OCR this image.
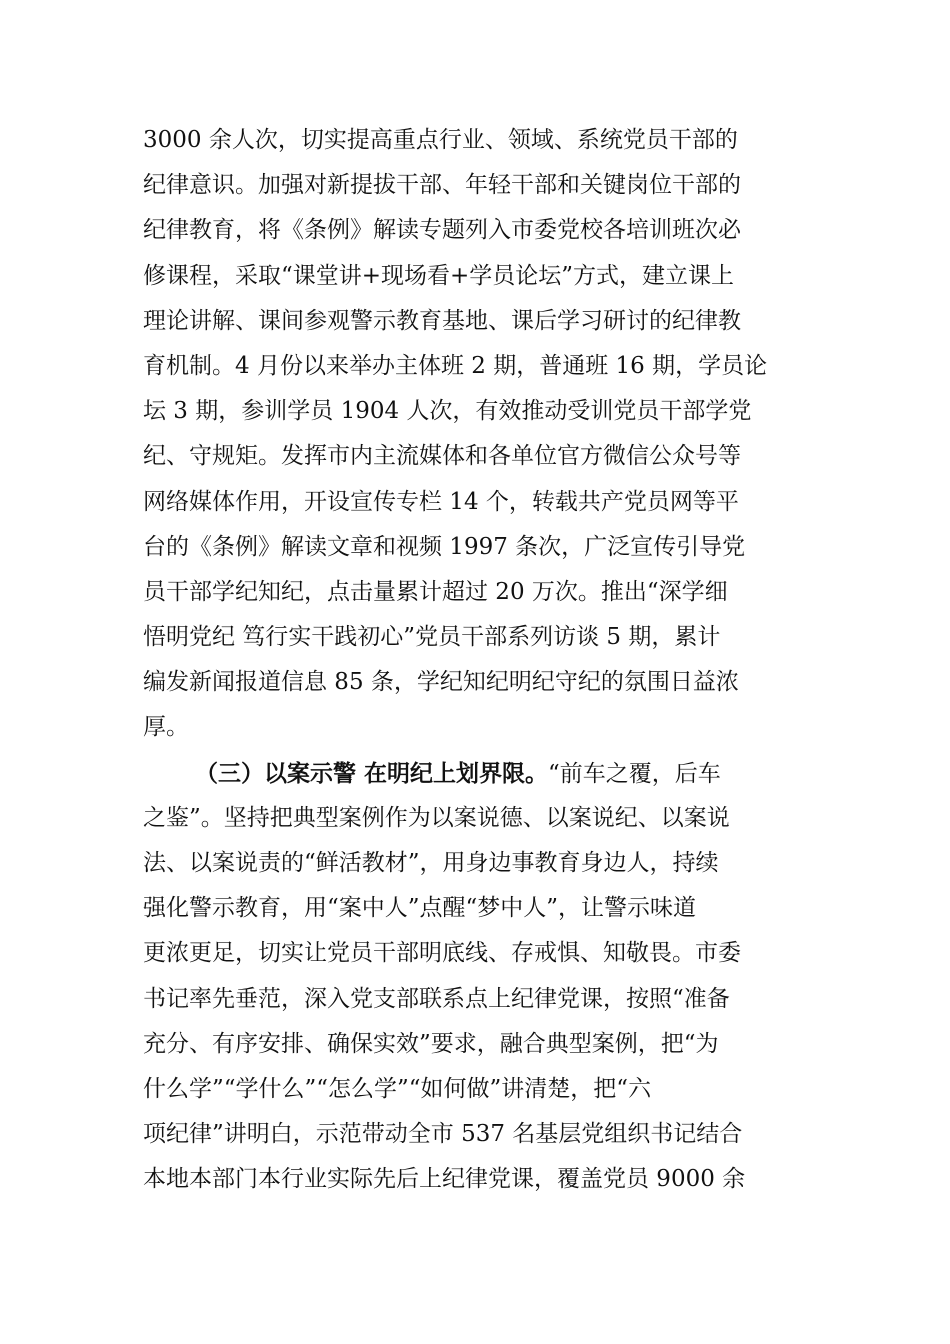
3000 余人次，切实提高重点行业、领域、系统党员干部的
纪律意识。加强对新提拔干部、年轻干部和关键岗位干部的
纪律教育，将《条例》解读专题列入市委党校各培训班次必
修课程，采取“课堂讲+现场看+学员论坛”方式，建立课上
理论讲解、课间参观警示教育基地、课后学习研讨的纪律教
育机制。4 月份以来举办主体班 2 期，普通班 16 期，学员论
坛 3 期，参训学员 1904 人次，有效推动受训党员干部学党
纪、守规矩。发挥市内主流媒体和各单位官方微信公众号等
网络媒体作用，开设宣传专栏 14 个，转载共产党员网等平
台的《条例》解读文章和视频 1997 条次，广泛宣传引导党
员干部学纪知纪，点击量累计超过 20 万次。推出“深学细
悟明党纪 笃行实干践初心”党员干部系列访谈 5 期，累计
编发新闻报道信息 85 条，学纪知纪明纪守纪的氛围日益浓
厚。
（三）以案示警 在明纪上划界限。“前车之覆，后车
之鉴”。坚持把典型案例作为以案说德、以案说纪、以案说
法、以案说责的“鲜活教材”，用身边事教育身边人，持续
强化警示教育，用“案中人”点醒“梦中人”，让警示味道
更浓更足，切实让党员干部明底线、存戒惧、知敬畏。市委
书记率先垂范，深入党支部联系点上纪律党课，按照“准备
充分、有序安排、确保实效”要求，融合典型案例，把“为
什么学”“学什么”“怎么学”“如何做”讲清楚，把“六
项纪律”讲明白，示范带动全市 537 名基层党组织书记结合
本地本部门本行业实际先后上纪律党课，覆盖党员 9000 余
